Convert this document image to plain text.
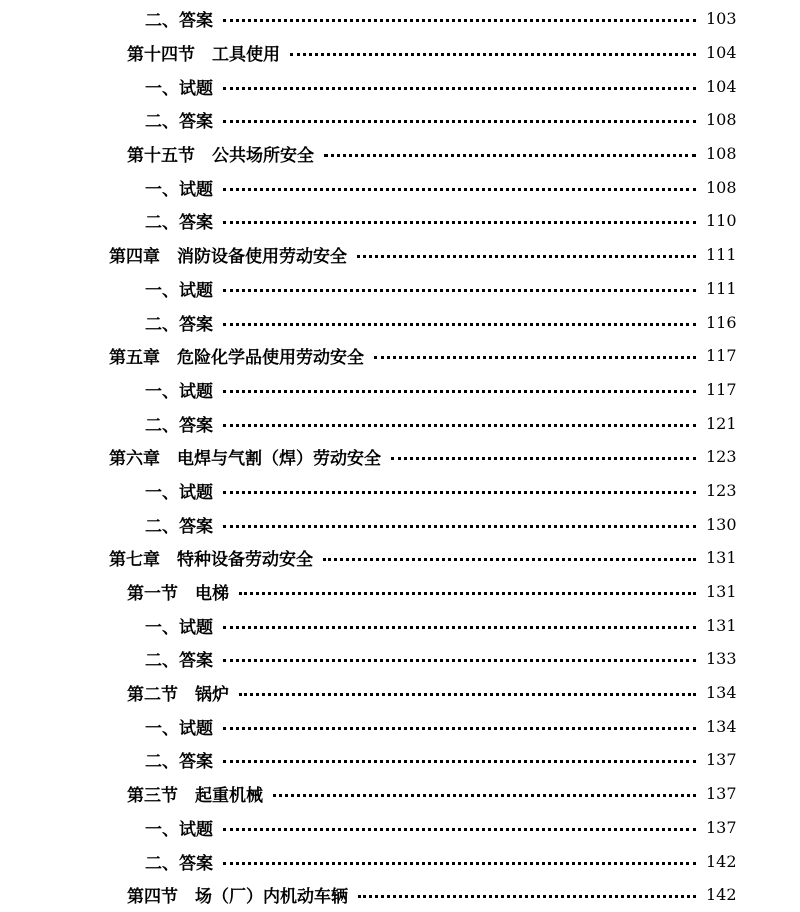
二、答案	103
第十四节　工具使用	104
一、试题	104
二、答案	108
第十五节　公共场所安全	108
一、试题	108
二、答案	110
第四章　消防设备使用劳动安全	111
一、试题	111
二、答案	116
第五章　危险化学品使用劳动安全	117
一、试题	117
二、答案	121
第六章　电焊与气割（焊）劳动安全	123
一、试题	123
二、答案	130
第七章　特种设备劳动安全	131
第一节　电梯	131
一、试题	131
二、答案	133
第二节　锅炉	134
一、试题	134
二、答案	137
第三节　起重机械	137
一、试题	137
二、答案	142
第四节　场（厂）内机动车辆	142
